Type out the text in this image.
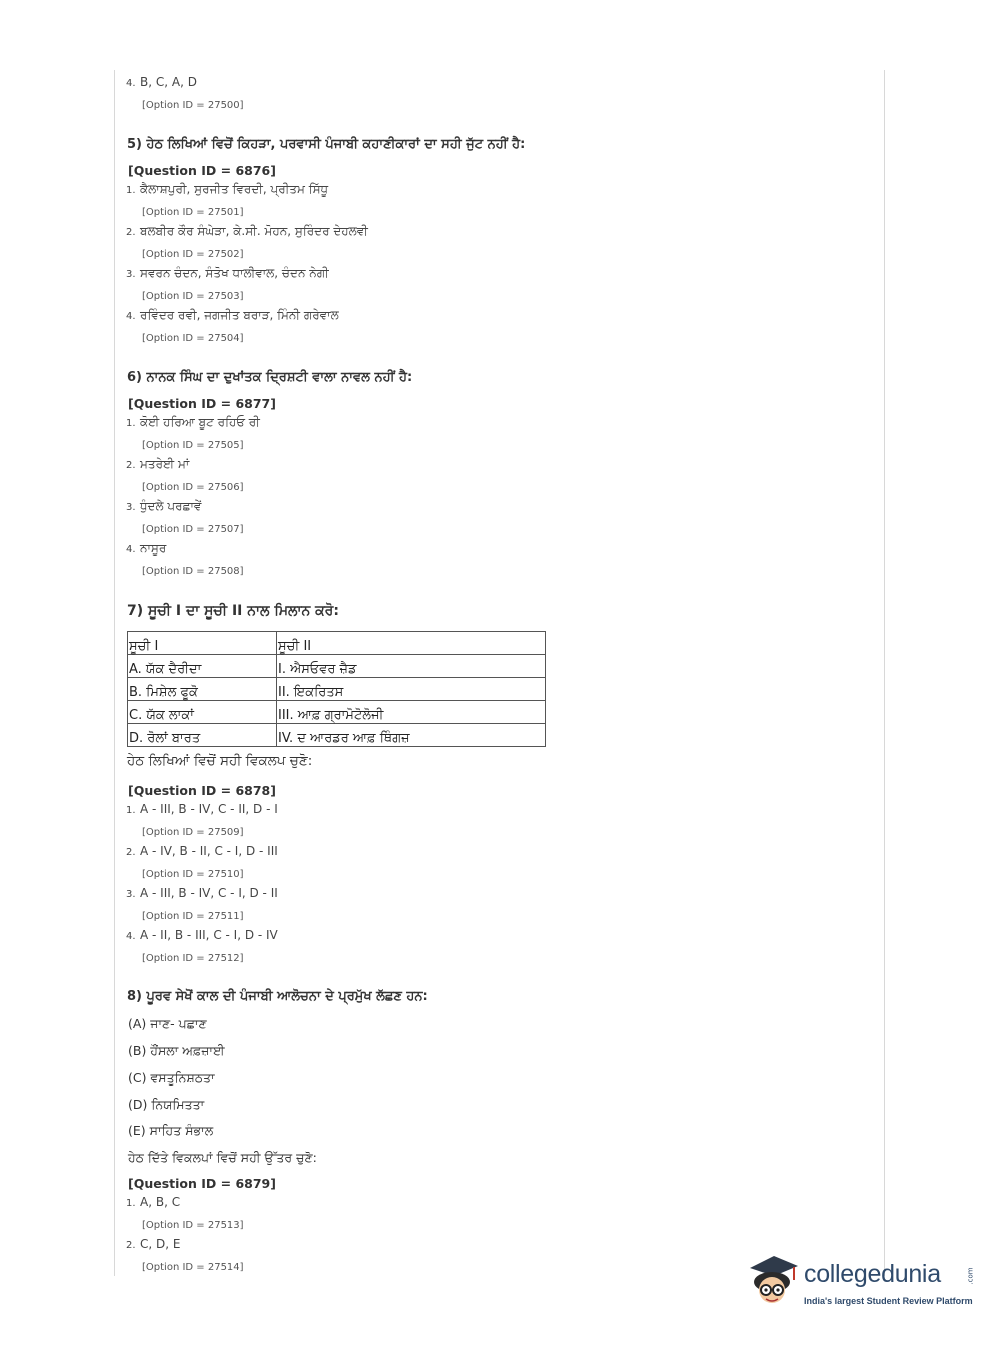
4. B, C, A, D
[Option ID = 27500]
5) ਹੇਠ ਲਿਖਿਆਂ ਵਿਚੋਂ ਕਿਹੜਾ, ਪਰਵਾਸੀ ਪੰਜਾਬੀ ਕਹਾਣੀਕਾਰਾਂ ਦਾ ਸਹੀ ਜੁੱਟ ਨਹੀਂ ਹੈ:
[Question ID = 6876]
1. ਕੈਲਾਸ਼ਪੁਰੀ, ਸੁਰਜੀਤ ਵਿਰਦੀ, ਪ੍ਰੀਤਮ ਸਿੱਧੂ
[Option ID = 27501]
2. ਬਲਬੀਰ ਕੌਰ ਸੰਘੇੜਾ, ਕੇ.ਸੀ. ਮੋਹਨ, ਸੁਰਿੰਦਰ ਦੇਹਲਵੀ
[Option ID = 27502]
3. ਸਵਰਨ ਚੰਦਨ, ਸੰਤੋਖ ਧਾਲੀਵਾਲ, ਚੰਦਨ ਨੇਗੀ
[Option ID = 27503]
4. ਰਵਿੰਦਰ ਰਵੀ, ਜਗਜੀਤ ਬਰਾੜ, ਮਿੰਨੀ ਗਰੇਵਾਲ
[Option ID = 27504]
6) ਨਾਨਕ ਸਿੰਘ ਦਾ ਦੁਖਾਂਤਕ ਦ੍ਰਿਸ਼ਟੀ ਵਾਲਾ ਨਾਵਲ ਨਹੀਂ ਹੈ:
[Question ID = 6877]
1. ਕੋਈ ਹਰਿਆ ਬੂਟ ਰਹਿਓ ਰੀ
[Option ID = 27505]
2. ਮਤਰੇਈ ਮਾਂ
[Option ID = 27506]
3. ਧੁੰਦਲੇ ਪਰਛਾਵੇਂ
[Option ID = 27507]
4. ਨਾਸੂਰ
[Option ID = 27508]
7) ਸੂਚੀ I ਦਾ ਸੂਚੀ II ਨਾਲ ਮਿਲਾਨ ਕਰੋ:
ਸੂਚੀ I	ਸੂਚੀ II
A. ਯੱਕ ਦੈਰੀਦਾ	I. ਐਸਓਵਰ ਜ਼ੈਡ
B. ਮਿਸ਼ੇਲ ਫੂਕੋ	II. ਇਕਰਿਤਸ
C. ਯੱਕ ਲਾਕਾਂ	III. ਆਫ਼ ਗ੍ਰਾਮੋਟੋਲੋਜੀ
D. ਰੋਲਾਂ ਬਾਰਤ	IV. ਦ ਆਰਡਰ ਆਫ਼ ਥਿੰਗਜ਼
ਹੇਠ ਲਿਖਿਆਂ ਵਿਚੋਂ ਸਹੀ ਵਿਕਲਪ ਚੁਣੋ:
[Question ID = 6878]
1. A - III, B - IV, C - II, D - I
[Option ID = 27509]
2. A - IV, B - II, C - I, D - III
[Option ID = 27510]
3. A - III, B - IV, C - I, D - II
[Option ID = 27511]
4. A - II, B - III, C - I, D - IV
[Option ID = 27512]
8) ਪੂਰਵ ਸੇਖੋਂ ਕਾਲ ਦੀ ਪੰਜਾਬੀ ਆਲੋਚਨਾ ਦੇ ਪ੍ਰਮੁੱਖ ਲੱਛਣ ਹਨ:
(A) ਜਾਣ- ਪਛਾਣ
(B) ਹੌਂਸਲਾ ਅਫ਼ਜ਼ਾਈ
(C) ਵਸਤੂਨਿਸ਼ਠਤਾ
(D) ਨਿਯਮਿਤਤਾ
(E) ਸਾਹਿਤ ਸੰਭਾਲ
ਹੇਠ ਦਿੱਤੇ ਵਿਕਲਪਾਂ ਵਿਚੋਂ ਸਹੀ ਉੱਤਰ ਚੁਣੋ:
[Question ID = 6879]
1. A, B, C
[Option ID = 27513]
2. C, D, E
[Option ID = 27514]	collegedunia	.com
India's largest Student Review Platform
